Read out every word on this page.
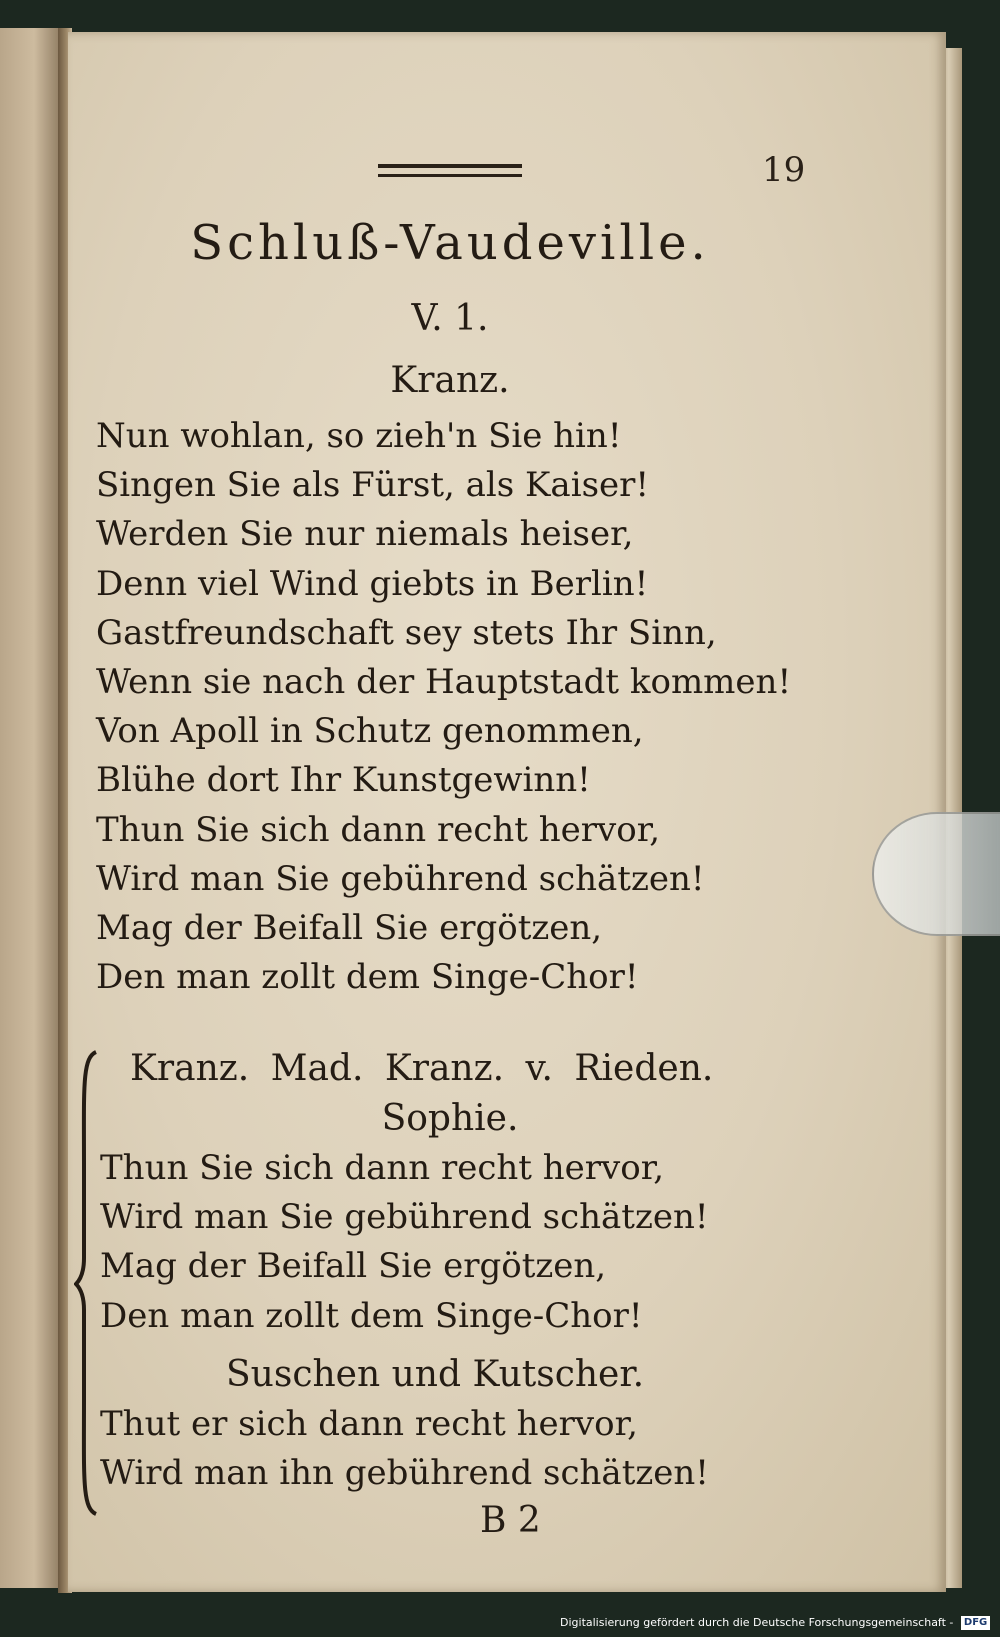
19
Schluß-Vaudeville.
V. 1.
Kranz.
Nun wohlan, so zieh'n Sie hin!
Singen Sie als Fürst, als Kaiser!
Werden Sie nur niemals heiser,
Denn viel Wind giebts in Berlin!
Gastfreundschaft sey stets Ihr Sinn,
Wenn sie nach der Hauptstadt kommen!
Von Apoll in Schutz genommen,
Blühe dort Ihr Kunstgewinn!
Thun Sie sich dann recht hervor,
Wird man Sie gebührend schätzen!
Mag der Beifall Sie ergötzen,
Den man zollt dem Singe-Chor!
Kranz. Mad. Kranz. v. Rieden.
Sophie.
Thun Sie sich dann recht hervor,
Wird man Sie gebührend schätzen!
Mag der Beifall Sie ergötzen,
Den man zollt dem Singe-Chor!
Suschen und Kutscher.
Thut er sich dann recht hervor,
Wird man ihn gebührend schätzen!
B 2
Digitalisierung gefördert durch die Deutsche Forschungsgemeinschaft - DFG
